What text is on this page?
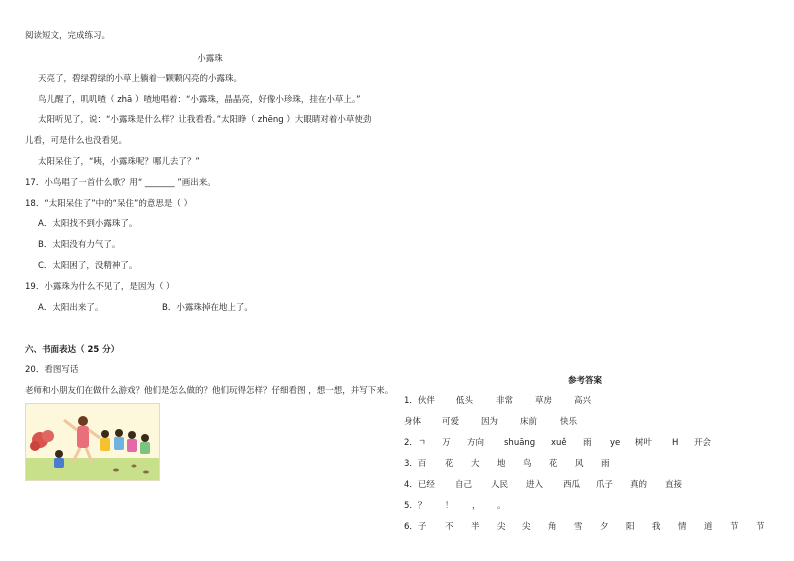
阅读短文，完成练习。
小露珠
天亮了，碧绿碧绿的小草上躺着一颗颗闪亮的小露珠。
鸟儿醒了，叽叽喳（ zhā ）喳地唱着：“小露珠，晶晶亮，好像小珍珠，挂在小草上。”
太阳听见了，说：“小露珠是什么样？让我看看。”太阳睁（ zhēng ）大眼睛对着小草使劲
儿看，可是什么也没看见。
太阳呆住了，“咦，小露珠呢？哪儿去了？”
17．小鸟唱了一首什么歌？用“ _______ ”画出来。
18．“太阳呆住了”中的“呆住”的意思是（ ）
A．太阳找不到小露珠了。
B．太阳没有力气了。
C．太阳困了，没精神了。
19．小露珠为什么不见了，是因为（ ）
A．太阳出来了。	B．小露珠掉在地上了。
六、书面表达（ 25 分）
20．看图写话
老师和小朋友们在做什么游戏？他们是怎么做的？他们玩得怎样？仔细看图 ，想一想，并写下来。
参考答案
1．伙伴 低头	非常	草房	高兴
身体 可爱	因为	床前	快乐
2．ㄱ 万 方向 shuāng xuě 雨 ye 树叶 H 开会
3．百 花 大 地 鸟 花 风 雨
4．已经 自己 人民 进入 西瓜 爪子 真的 直接
5．？ ！ ， 。
6．子 不 半 尖 尖 角 雪 夕 阳 我 情 道 节 节
